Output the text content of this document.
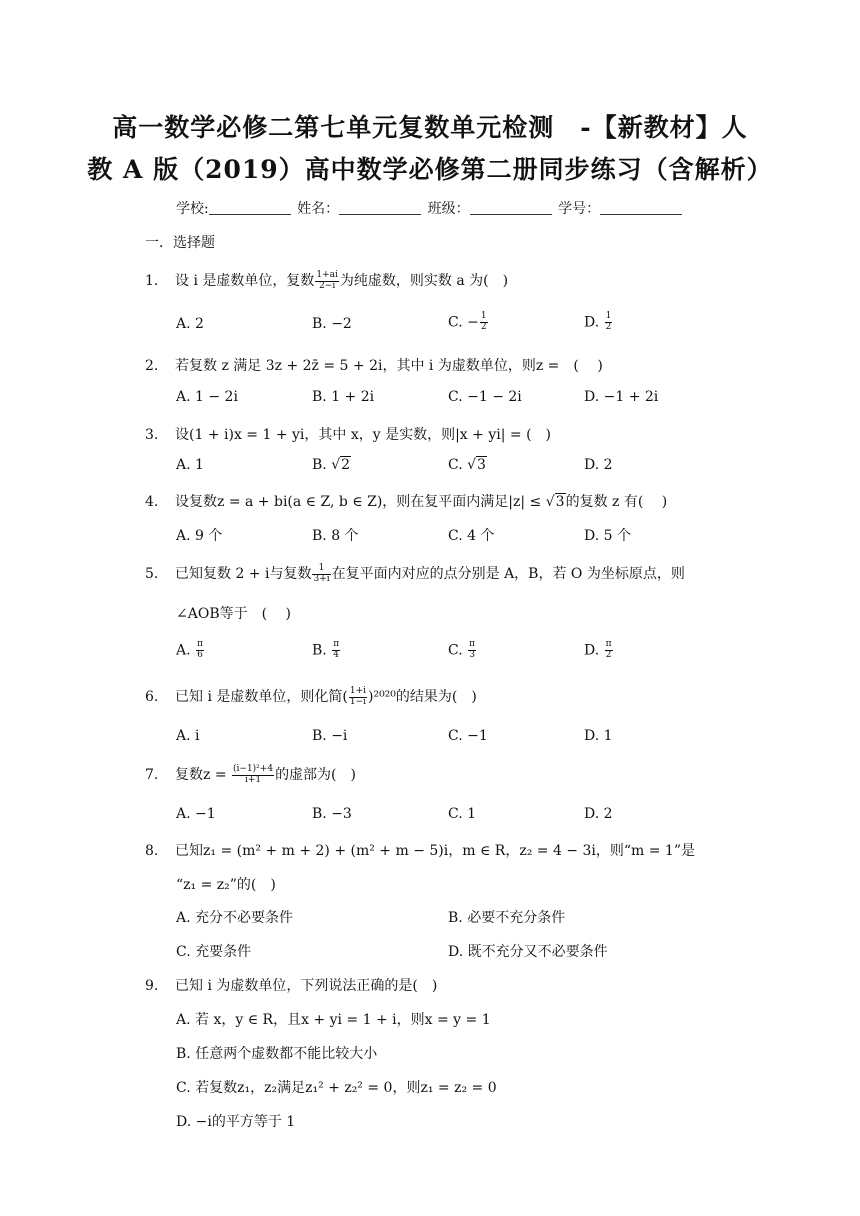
高一数学必修二第七单元复数单元检测　-【新教材】人
教 A 版（2019）高中数学必修第二册同步练习（含解析）
学校:	姓名：	班级：	学号：
一．选择题
1. 设 i 是虚数单位，复数 $\frac{1+ai}{2-i}$ 为纯虚数，则实数 a 为(　)
A. 2	B. −2	C. − $\frac{1}{2}$	D. $\frac{1}{2}$
2. 若复数 z 满足 3z + 2z̄ = 5 + 2i，其中 i 为虚数单位，则z =　(　 )
A. 1 − 2i	B. 1 + 2i	C. −1 − 2i	D. −1 + 2i
3. 设(1 + i)x = 1 + yi，其中 x，y 是实数，则|x + yi| = (　)
A. 1	B. √2	C. √3	D. 2
4. 设复数z = a + bi(a ∈ Z, b ∈ Z)，则在复平面内满足|z| ≤ √3的复数 z 有(　 )
A. 9 个	B. 8 个	C. 4 个	D. 5 个
5. 已知复数 2 + i与复数 $\frac{1}{3+i}$ 在复平面内对应的点分别是 A，B，若 O 为坐标原点，则
∠AOB等于　(　 )
A. $\frac{\pi}{6}$	B. $\frac{\pi}{4}$	C. $\frac{\pi}{3}$	D. $\frac{\pi}{2}$
6. 已知 i 是虚数单位，则化简( $\frac{1+i}{1-i} )^{2020}$的结果为(　)
A. i	B. −i	C. −1	D. 1
7. 复数$z = \frac{\text{(i−1)²+4}}{i+1}$ 的虚部为(　)
A. −1	B. −3	C. 1	D. 2
8. 已知z₁ = (m² + m + 2) + (m² + m − 5)i，m ∈ R，z₂ = 4 − 3i，则“m = 1”是
“z₁ = z₂”的(　)
A. 充分不必要条件	B. 必要不充分条件
C. 充要条件	D. 既不充分又不必要条件
9. 已知 i 为虚数单位，下列说法正确的是(　)
A. 若 x，y ∈ R，且x + yi = 1 + i，则x = y = 1
B. 任意两个虚数都不能比较大小
C. 若复数z₁，z₂满足z₁² + z₂² = 0，则z₁ = z₂ = 0
D. −i的平方等于 1
